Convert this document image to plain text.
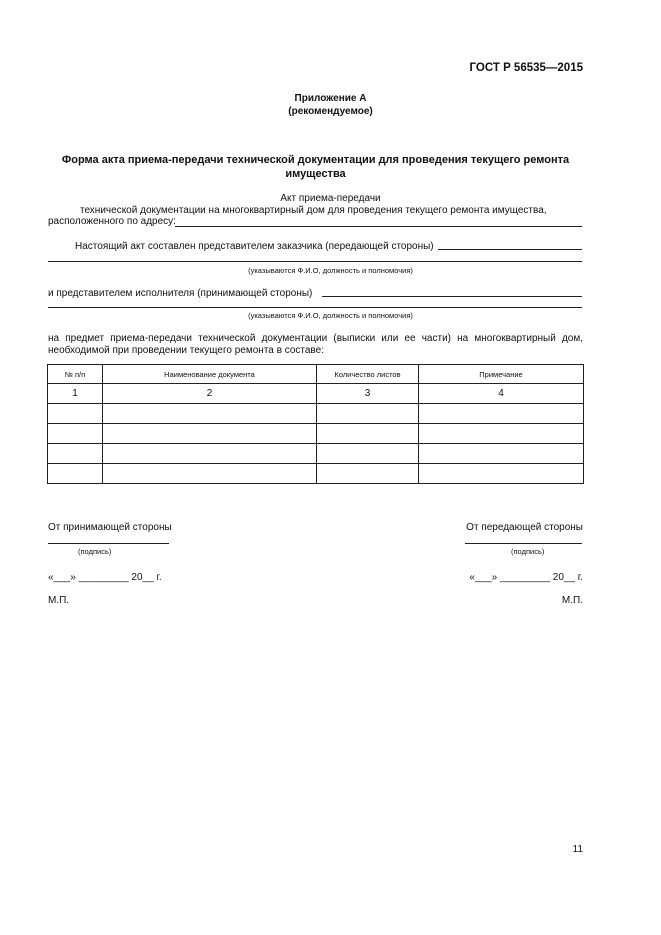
ГОСТ Р 56535—2015
Приложение А
(рекомендуемое)
Форма акта приема-передачи технической документации для проведения текущего ремонта имущества
Акт приема-передачи
технической документации на многоквартирный дом для проведения текущего ремонта имущества,
расположенного по адресу:
Настоящий акт составлен представителем заказчика (передающей стороны)
(указываются Ф.И.О, должность и полномочия)
и представителем исполнителя (принимающей стороны)
(указываются Ф.И.О, должность и полномочия)
на предмет приема-передачи технической документации (выписки или ее части) на многоквартирный дом, необходимой при проведении текущего ремонта в составе:
№ п/п	Наименование документа	Количество листов	Примечание
1	2	3	4

От принимающей стороны	От передающей стороны
(подпись)	(подпись)
«___» _________ 20__ г.	«___» _________ 20__ г.
М.П.	М.П.
11
